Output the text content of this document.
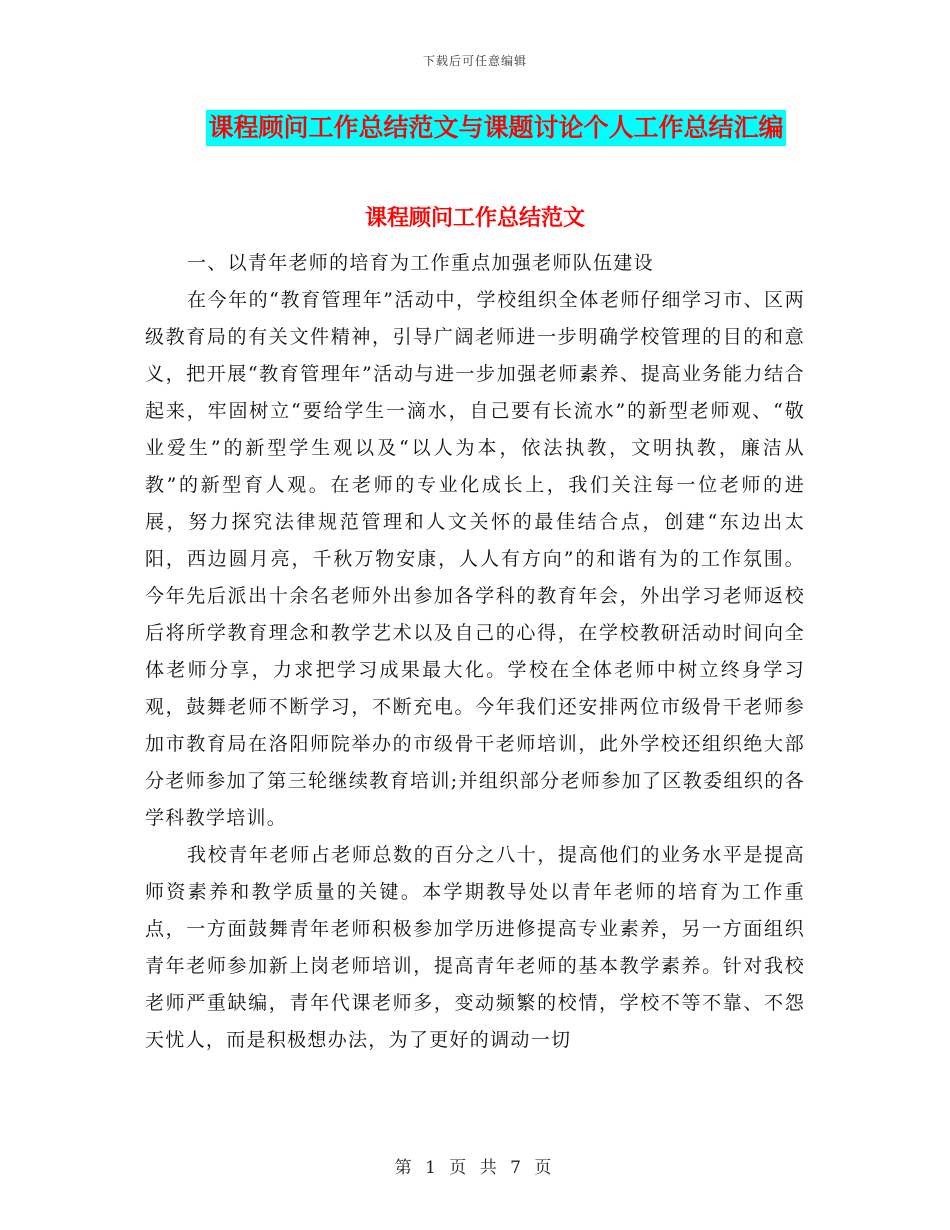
下载后可任意编辑
课程顾问工作总结范文与课题讨论个人工作总结汇编
课程顾问工作总结范文

一、以青年老师的培育为工作重点加强老师队伍建设

在今年的“教育管理年”活动中，学校组织全体老师仔细学习市、区两级教育局的有关文件精神，引导广阔老师进一步明确学校管理的目的和意义，把开展“教育管理年”活动与进一步加强老师素养、提高业务能力结合起来，牢固树立“要给学生一滴水，自己要有长流水”的新型老师观、“敬业爱生”的新型学生观以及“以人为本，依法执教，文明执教，廉洁从教”的新型育人观。在老师的专业化成长上，我们关注每一位老师的进展，努力探究法律规范管理和人文关怀的最佳结合点，创建“东边出太阳，西边圆月亮，千秋万物安康，人人有方向”的和谐有为的工作氛围。今年先后派出十余名老师外出参加各学科的教育年会，外出学习老师返校后将所学教育理念和教学艺术以及自己的心得，在学校教研活动时间向全体老师分享，力求把学习成果最大化。学校在全体老师中树立终身学习观，鼓舞老师不断学习，不断充电。今年我们还安排两位市级骨干老师参加市教育局在洛阳师院举办的市级骨干老师培训，此外学校还组织绝大部分老师参加了第三轮继续教育培训;并组织部分老师参加了区教委组织的各学科教学培训。

我校青年老师占老师总数的百分之八十，提高他们的业务水平是提高师资素养和教学质量的关键。本学期教导处以青年老师的培育为工作重点，一方面鼓舞青年老师积极参加学历进修提高专业素养，另一方面组织青年老师参加新上岗老师培训，提高青年老师的基本教学素养。针对我校老师严重缺编，青年代课老师多，变动频繁的校情，学校不等不靠、不怨天忧人，而是积极想办法，为了更好的调动一切

第 1 页 共 7 页
